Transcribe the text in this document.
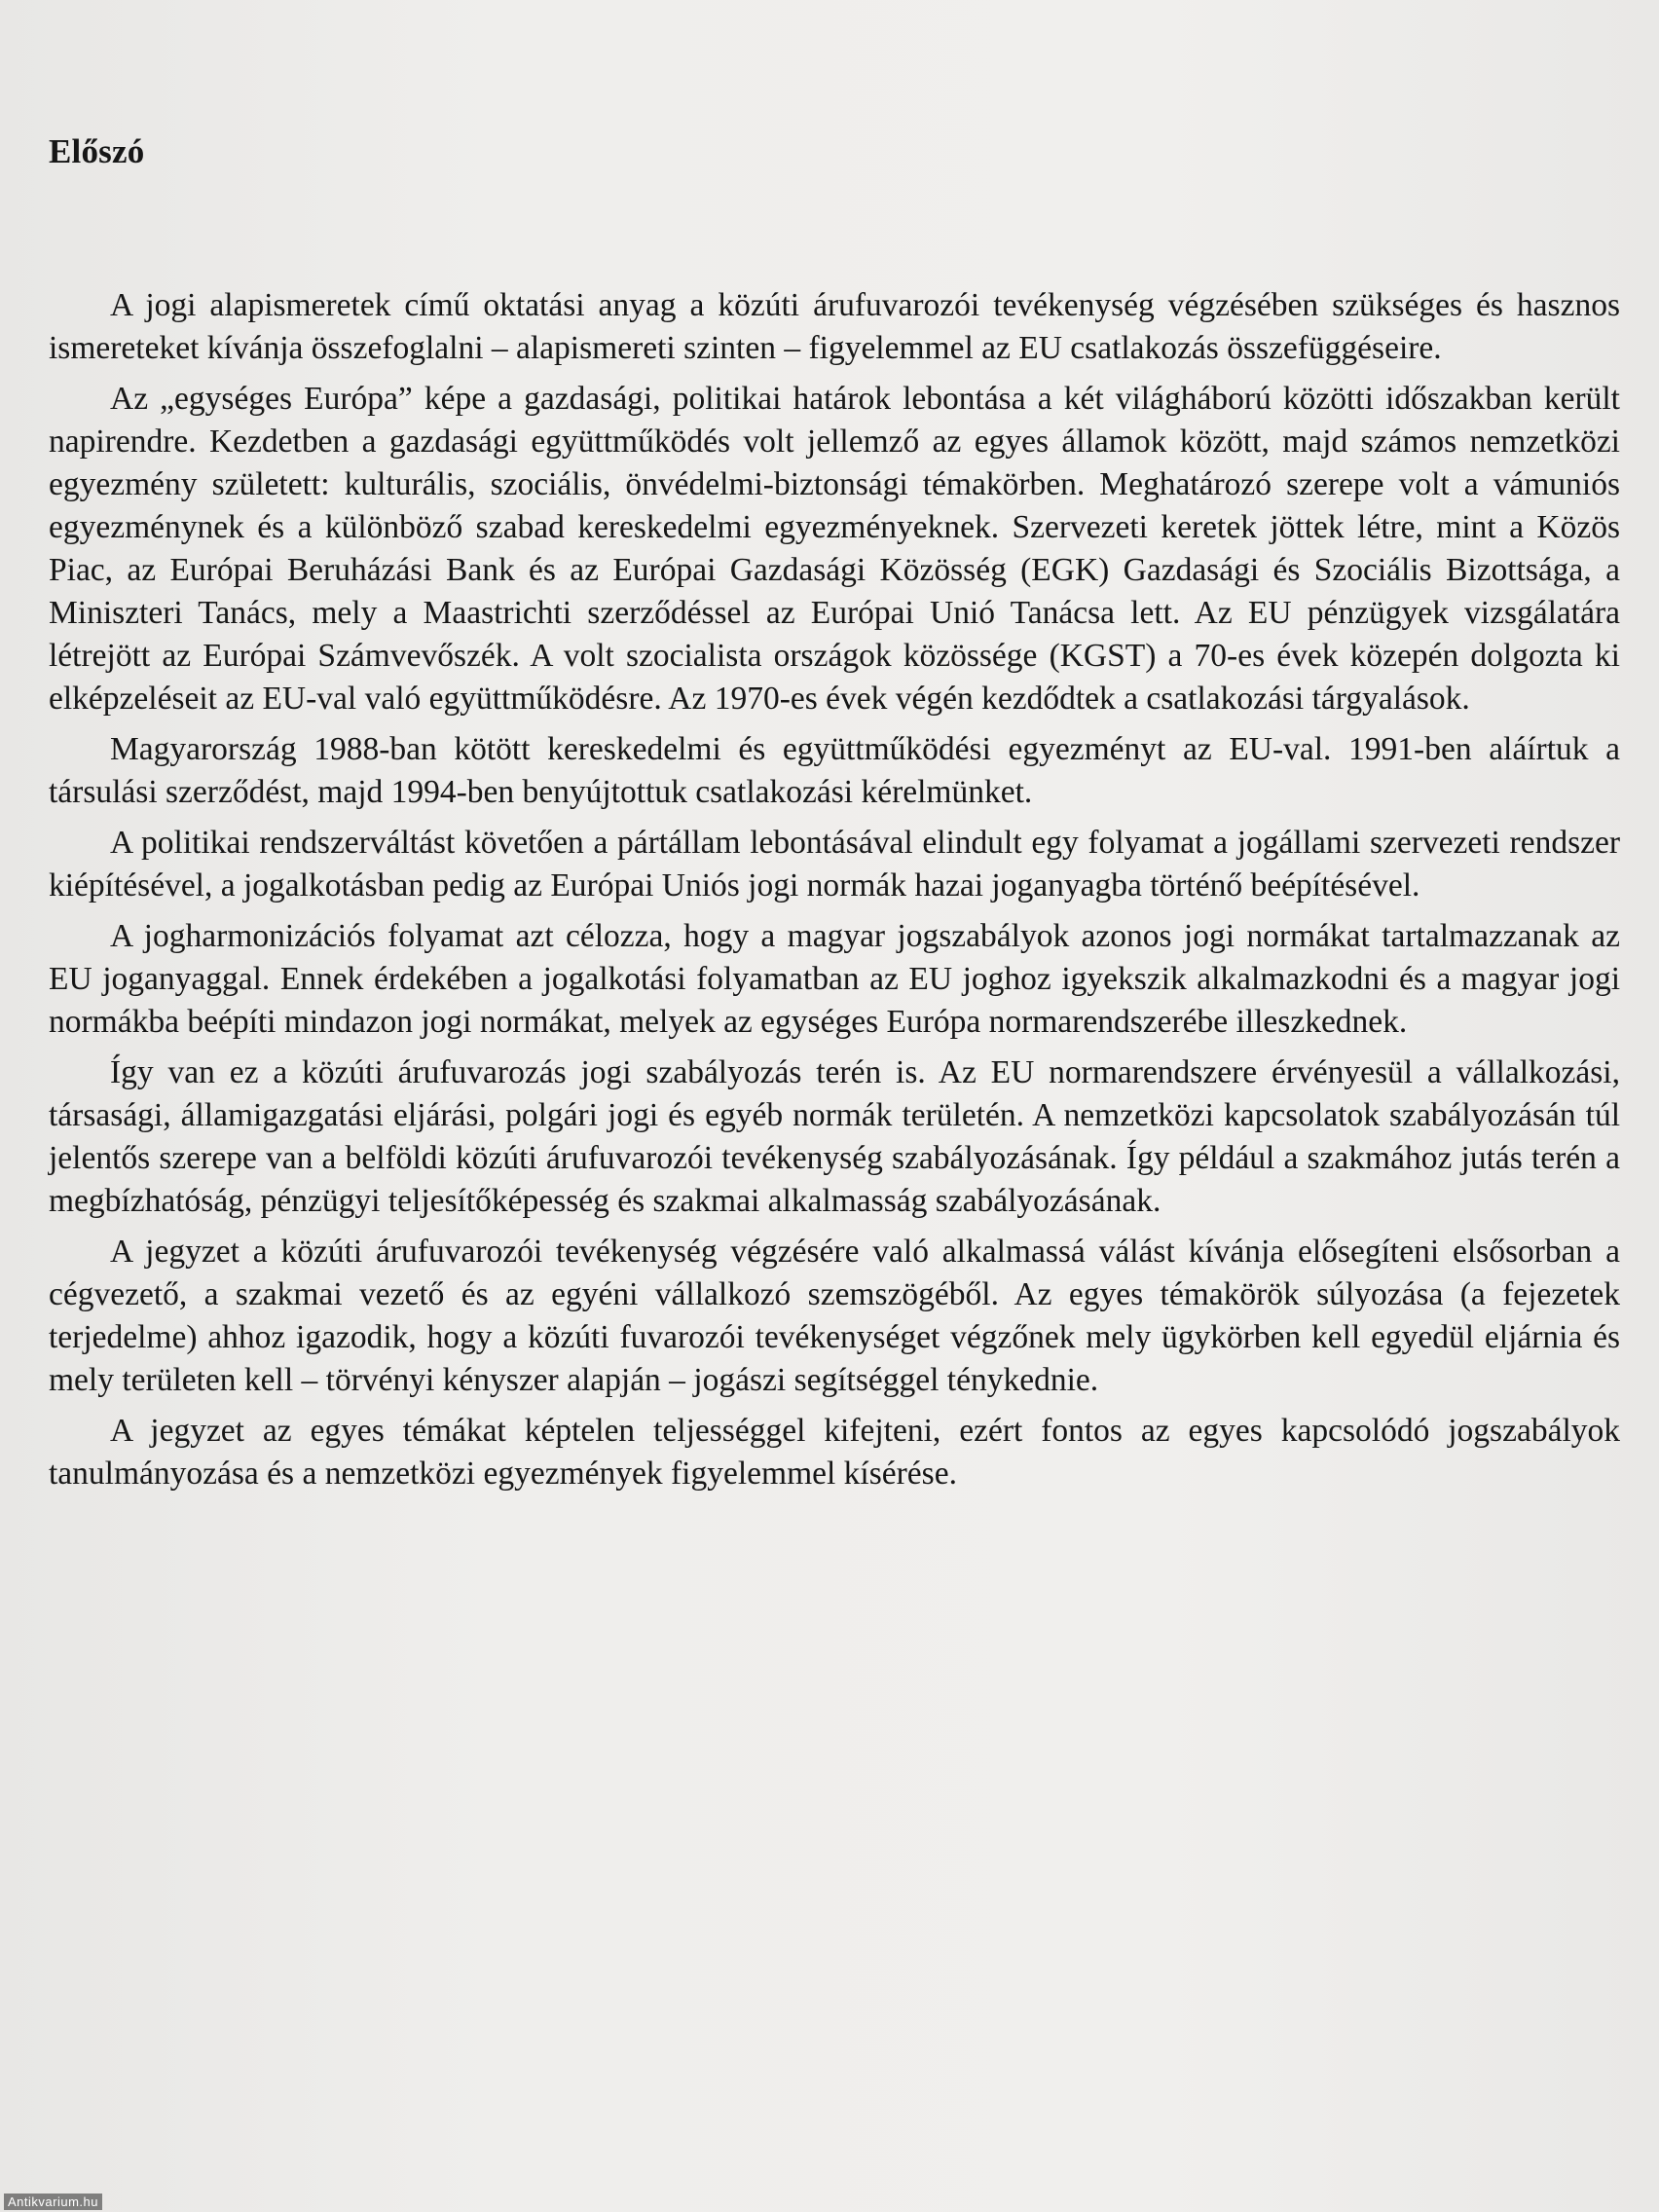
Előszó

A jogi alapismeretek című oktatási anyag a közúti árufuvarozói tevékenység végzésében szükséges és hasznos ismereteket kívánja összefoglalni – alapismereti szinten – figyelemmel az EU csatlakozás összefüggéseire.

Az „egységes Európa” képe a gazdasági, politikai határok lebontása a két világháború közötti időszakban került napirendre. Kezdetben a gazdasági együttműködés volt jellemző az egyes államok között, majd számos nemzetközi egyezmény született: kulturális, szociális, önvédelmi-biztonsági témakörben. Meghatározó szerepe volt a vámuniós egyezménynek és a különböző szabad kereskedelmi egyezményeknek. Szervezeti keretek jöttek létre, mint a Közös Piac, az Európai Beruházási Bank és az Európai Gazdasági Közösség (EGK) Gazdasági és Szociális Bizottsága, a Miniszteri Tanács, mely a Maastrichti szerződéssel az Európai Unió Tanácsa lett. Az EU pénzügyek vizsgálatára létrejött az Európai Számvevőszék. A volt szocialista országok közössége (KGST) a 70-es évek közepén dolgozta ki elképzeléseit az EU-val való együttműködésre. Az 1970-es évek végén kezdődtek a csatlakozási tárgyalások.

Magyarország 1988-ban kötött kereskedelmi és együttműködési egyezményt az EU-val. 1991-ben aláírtuk a társulási szerződést, majd 1994-ben benyújtottuk csatlakozási kérelmünket.

A politikai rendszerváltást követően a pártállam lebontásával elindult egy folyamat a jogállami szervezeti rendszer kiépítésével, a jogalkotásban pedig az Európai Uniós jogi normák hazai joganyagba történő beépítésével.

A jogharmonizációs folyamat azt célozza, hogy a magyar jogszabályok azonos jogi normákat tartalmazzanak az EU joganyaggal. Ennek érdekében a jogalkotási folyamatban az EU joghoz igyekszik alkalmazkodni és a magyar jogi normákba beépíti mindazon jogi normákat, melyek az egységes Európa normarendszerébe illeszkednek.

Így van ez a közúti árufuvarozás jogi szabályozás terén is. Az EU normarendszere érvényesül a vállalkozási, társasági, államigazgatási eljárási, polgári jogi és egyéb normák területén. A nemzetközi kapcsolatok szabályozásán túl jelentős szerepe van a belföldi közúti árufuvarozói tevékenység szabályozásának. Így például a szakmához jutás terén a megbízhatóság, pénzügyi teljesítőképesség és szakmai alkalmasság szabályozásának.

A jegyzet a közúti árufuvarozói tevékenység végzésére való alkalmassá válást kívánja elősegíteni elsősorban a cégvezető, a szakmai vezető és az egyéni vállalkozó szemszögéből. Az egyes témakörök súlyozása (a fejezetek terjedelme) ahhoz igazodik, hogy a közúti fuvarozói tevékenységet végzőnek mely ügykörben kell egyedül eljárnia és mely területen kell – törvényi kényszer alapján – jogászi segítséggel ténykednie.

A jegyzet az egyes témákat képtelen teljességgel kifejteni, ezért fontos az egyes kapcsolódó jogszabályok tanulmányozása és a nemzetközi egyezmények figyelemmel kísérése.

Antikvarium.hu
